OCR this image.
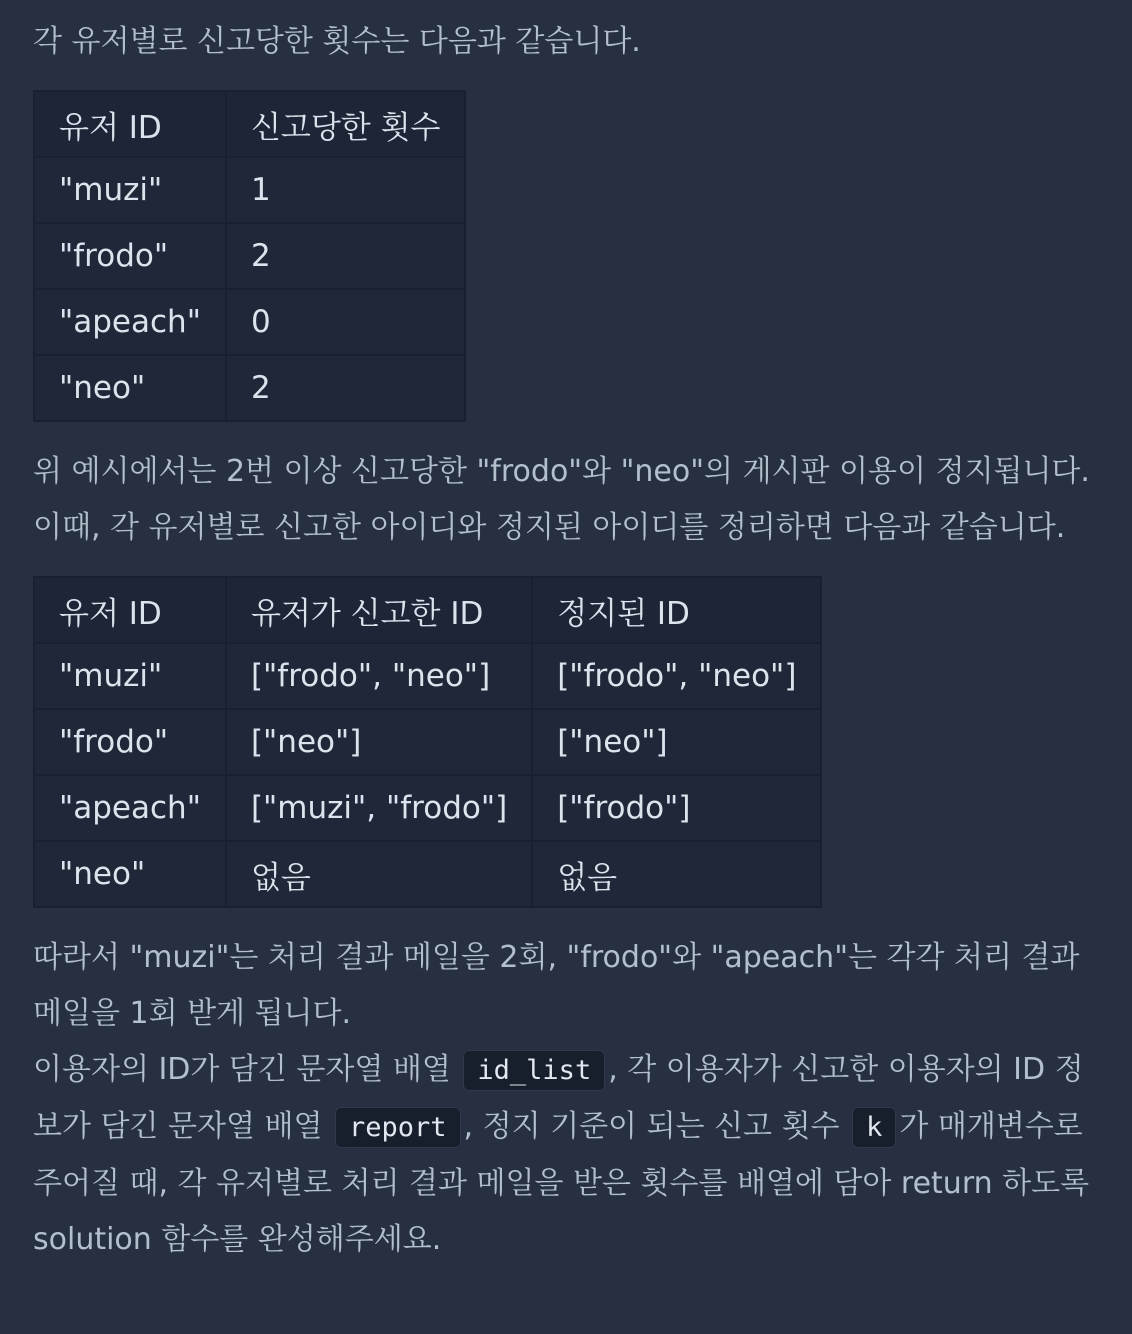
각 유저별로 신고당한 횟수는 다음과 같습니다.

유저 ID	신고당한 횟수
"muzi"	1
"frodo"	2
"apeach"	0
"neo"	2

위 예시에서는 2번 이상 신고당한 "frodo"와 "neo"의 게시판 이용이 정지됩니다.

이때, 각 유저별로 신고한 아이디와 정지된 아이디를 정리하면 다음과 같습니다.

유저 ID	유저가 신고한 ID	정지된 ID
"muzi"	["frodo", "neo"]	["frodo", "neo"]
"frodo"	["neo"]	["neo"]
"apeach"	["muzi", "frodo"]	["frodo"]
"neo"	없음	없음

따라서 "muzi"는 처리 결과 메일을 2회, "frodo"와 "apeach"는 각각 처리 결과

메일을 1회 받게 됩니다.

이용자의 ID가 담긴 문자열 배열 id_list , 각 이용자가 신고한 이용자의 ID 정

보가 담긴 문자열 배열 report , 정지 기준이 되는 신고 횟수 k 가 매개변수로

주어질 때, 각 유저별로 처리 결과 메일을 받은 횟수를 배열에 담아 return 하도록

solution 함수를 완성해주세요.
